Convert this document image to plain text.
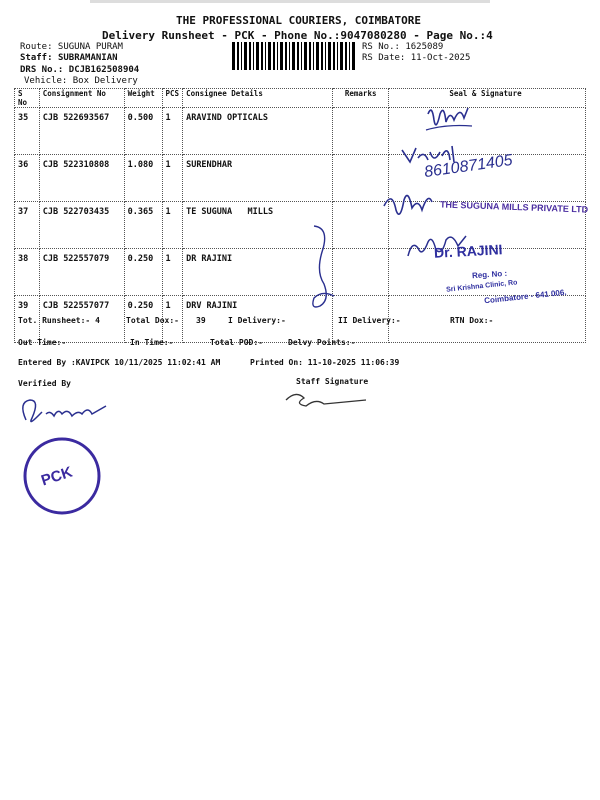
THE PROFESSIONAL COURIERS, COIMBATORE
Delivery Runsheet - PCK - Phone No.:9047080280 - Page No.:4
Route: SUGUNA PURAM
Staff: SUBRAMANIAN
DRS No.: DCJB162508904
Vehicle: Box Delivery
RS No.: 1625089
RS Date: 11-Oct-2025
S No	Consignment No	Weight	PCS	Consignee Details	Remarks	Seal & Signature
35	CJB 522693567	0.500	1	ARAVIND OPTICALS		
36	CJB 522310808	1.080	1	SURENDHAR		
37	CJB 522703435	0.365	1	TE SUGUNA   MILLS		
38	CJB 522557079	0.250	1	DR RAJINI		
39	CJB 522557077	0.250	1	DRV RAJINI		
Tot. Runsheet:- 4	Total Dox:- 39	I Delivery:-	II Delivery:-	RTN Dox:-
Out Time:-	In Time:-	Total POD:-	Delvy Points:-
Entered By :KAVIPCK 10/11/2025 11:02:41 AM	Printed On: 11-10-2025 11:06:39
Verified By	Staff Signature
8610871405
THE SUGUNA MILLS PRIVATE LTD
Dr. RAJINI
Reg. No :
Sri Krishna Clinic, Ro
Coimbatore - 641 006.
PCK
